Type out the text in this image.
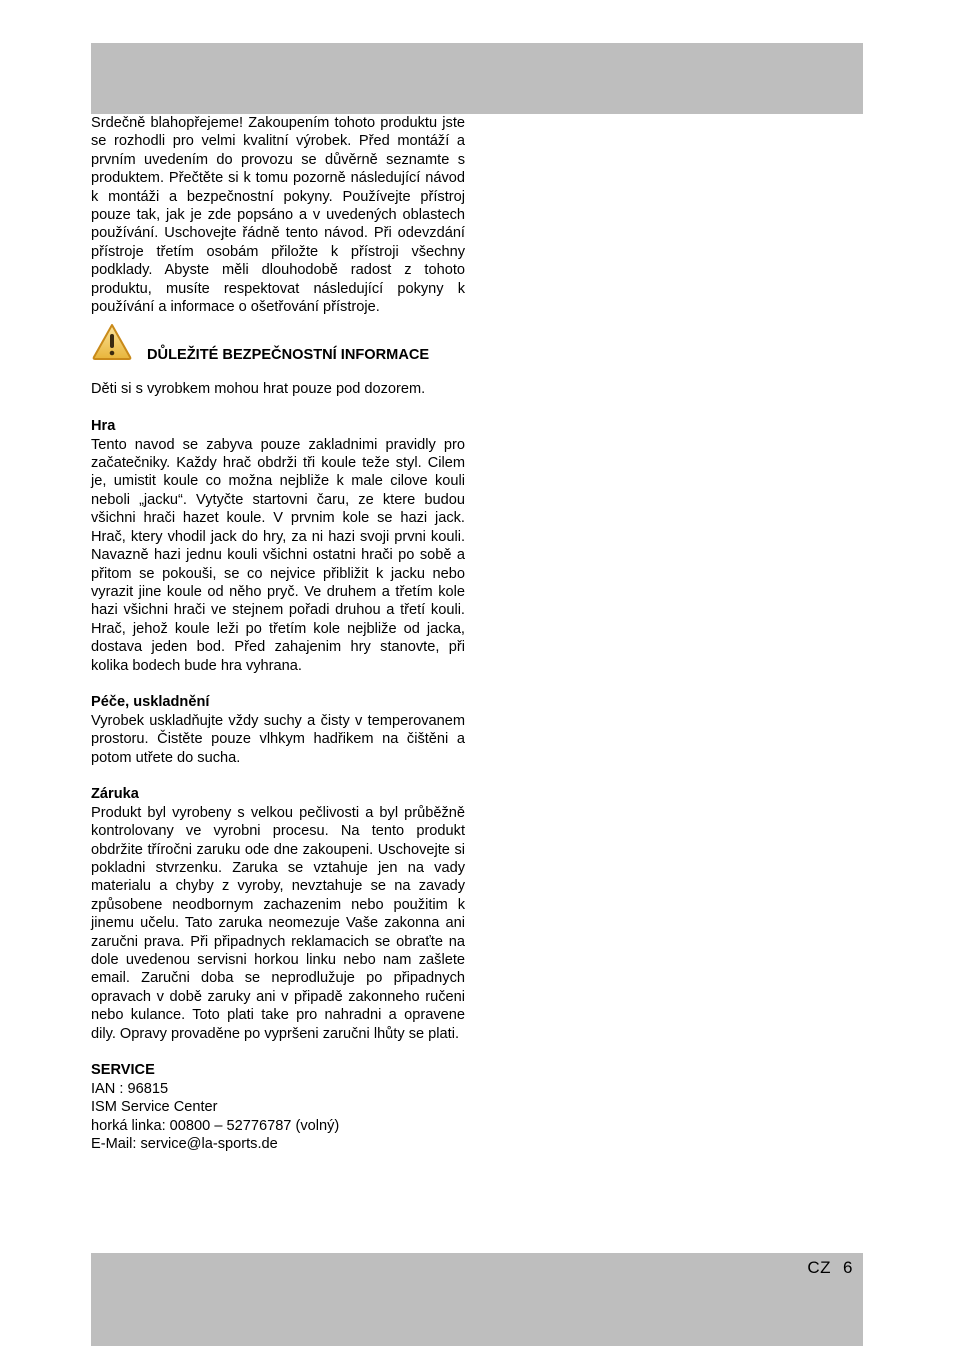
Srdečně blahopřejeme! Zakoupením tohoto produktu jste se rozhodli pro velmi kvalitní výrobek. Před montáží a prvním uvedením do provozu se důvěrně seznamte s produktem. Přečtěte si k tomu pozorně následující návod k montáži a bezpečnostní pokyny. Používejte přístroj pouze tak, jak je zde popsáno a v uvedených oblastech používání. Uschovejte řádně tento návod. Při odevzdání přístroje třetím osobám přiložte k přístroji všechny podklady. Abyste měli dlouhodobě radost z tohoto produktu, musíte respektovat následující pokyny k používání a informace o ošetřování přístroje.

DŮLEŽITÉ BEZPEČNOSTNÍ INFORMACE

Děti si s vyrobkem mohou hrat pouze pod dozorem.

Hra

Tento navod se zabyva pouze zakladnimi pravidly pro začatečniky. Každy hrač obdrži tři koule teže styl. Cilem je, umistit koule co možna nejbliže k male cilove kouli neboli „jacku“. Vytyčte startovni čaru, ze ktere budou všichni hrači hazet koule. V prvnim kole se hazi jack. Hrač, ktery vhodil jack do hry, za ni hazi svoji prvni kouli. Navazně hazi jednu kouli všichni ostatni hrači po sobě a přitom se pokouši, se co nejvice přibližit k jacku nebo vyrazit jine koule od něho pryč. Ve druhem a třetím kole hazi všichni hrači ve stejnem pořadi druhou a třetí kouli. Hrač, jehož koule leži po třetím kole nejbliže od jacka, dostava jeden bod. Před zahajenim hry stanovte, při kolika bodech bude hra vyhrana.

Péče, uskladnění

Vyrobek uskladňujte vždy suchy a čisty v temperovanem prostoru. Čistěte pouze vlhkym hadřikem na čištěni a potom utřete do sucha.

Záruka

Produkt byl vyrobeny s velkou pečlivosti a byl průběžně kontrolovany ve vyrobni procesu. Na tento produkt obdržite tříročni zaruku ode dne zakoupeni. Uschovejte si pokladni stvrzenku. Zaruka se vztahuje jen na vady materialu a chyby z vyroby, nevztahuje se na zavady způsobene neodbornym zachazenim nebo použitim k jinemu učelu. Tato zaruka neomezuje Vaše zakonna ani zaručni prava. Při připadnych reklamacich se obraťte na dole uvedenou servisni horkou linku nebo nam zašlete email. Zaručni doba se neprodlužuje po připadnych opravach v době zaruky ani v připadě zakonneho ručeni nebo kulance. Toto plati take pro nahradni a opravene dily. Opravy provaděne po vypršeni zaručni lhůty se plati.

SERVICE

IAN : 96815

ISM Service Center

horká linka: 00800 – 52776787 (volný)

E-Mail: service@la-sports.de

CZ 6
